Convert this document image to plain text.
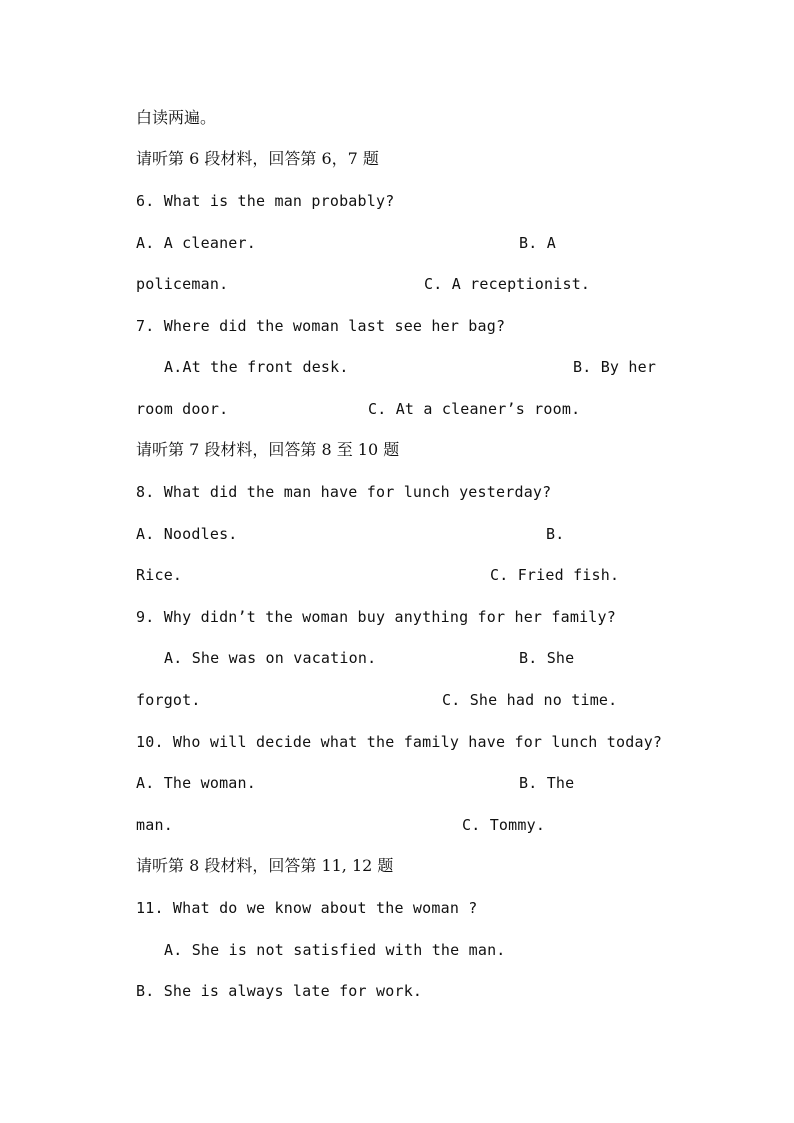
白读两遍。
请听第 6 段材料，回答第 6，7 题
6. What is the man probably?
A. A cleaner.	B. A
policeman.	C. A receptionist.
7. Where did the woman last see her bag?
A.At the front desk.	B. By her
room door.	C. At a cleaner’s room.
请听第 7 段材料，回答第 8 至 10 题
8. What did the man have for lunch yesterday?
A. Noodles.	B.
Rice.	C. Fried fish.
9. Why didn’t the woman buy anything for her family?
A. She was on vacation.	B. She
forgot.	C. She had no time.
10. Who will decide what the family have for lunch today?
A. The woman.	B. The
man.	C. Tommy.
请听第 8 段材料，回答第 11, 12 题
11. What do we know about the woman ?
A. She is not satisfied with the man.
B. She is always late for work.
